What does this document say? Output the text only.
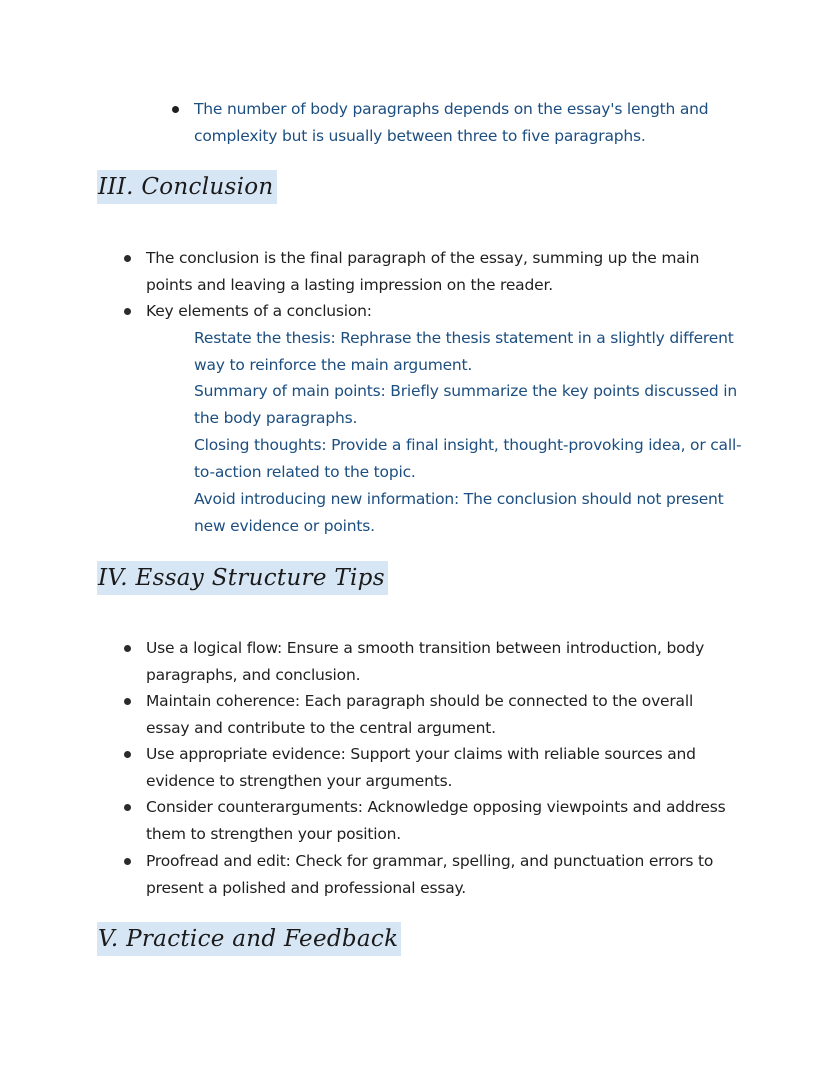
The number of body paragraphs depends on the essay's length and complexity but is usually between three to five paragraphs.
III. Conclusion
The conclusion is the final paragraph of the essay, summing up the main points and leaving a lasting impression on the reader.
Key elements of a conclusion:
Restate the thesis: Rephrase the thesis statement in a slightly different way to reinforce the main argument.
Summary of main points: Briefly summarize the key points discussed in the body paragraphs.
Closing thoughts: Provide a final insight, thought-provoking idea, or call-to-action related to the topic.
Avoid introducing new information: The conclusion should not present new evidence or points.
IV. Essay Structure Tips
Use a logical flow: Ensure a smooth transition between introduction, body paragraphs, and conclusion.
Maintain coherence: Each paragraph should be connected to the overall essay and contribute to the central argument.
Use appropriate evidence: Support your claims with reliable sources and evidence to strengthen your arguments.
Consider counterarguments: Acknowledge opposing viewpoints and address them to strengthen your position.
Proofread and edit: Check for grammar, spelling, and punctuation errors to present a polished and professional essay.
V. Practice and Feedback
